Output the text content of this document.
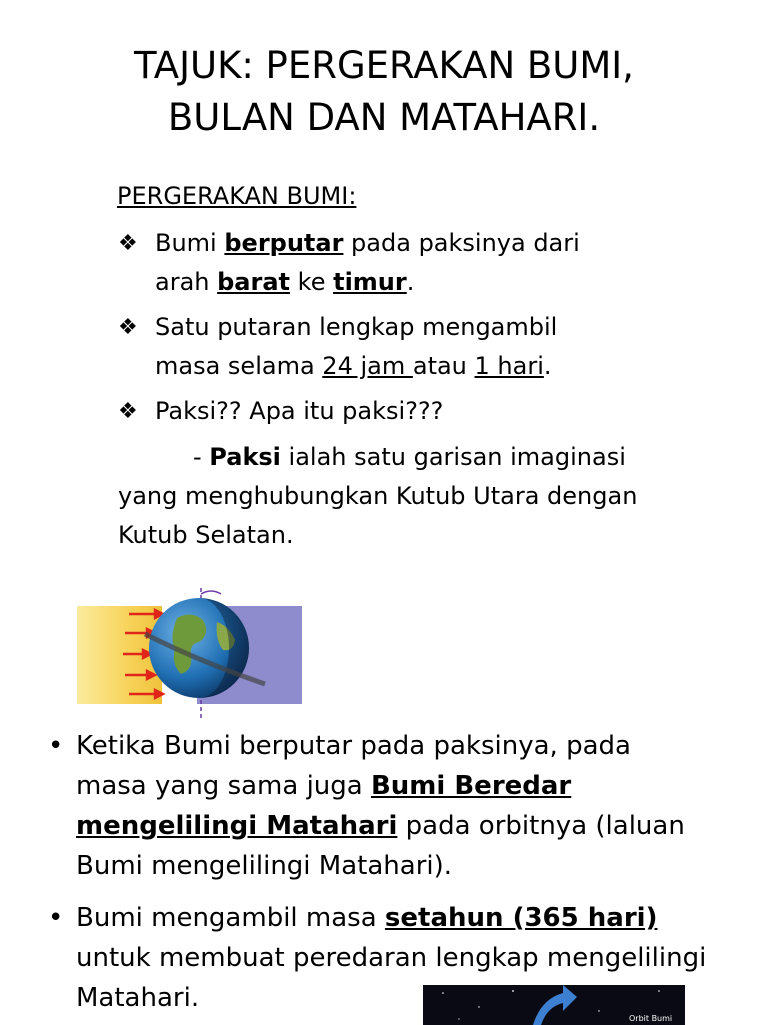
TAJUK: PERGERAKAN BUMI,
BULAN DAN MATAHARI.
PERGERAKAN BUMI:
❖ Bumi berputar pada paksinya dari arah barat ke timur.
❖ Satu putaran lengkap mengambil masa selama 24 jam atau 1 hari.
❖ Paksi?? Apa itu paksi???
- Paksi ialah satu garisan imaginasi yang menghubungkan Kutub Utara dengan Kutub Selatan.
• Ketika Bumi berputar pada paksinya, pada masa yang sama juga Bumi Beredar mengelilingi Matahari pada orbitnya (laluan Bumi mengelilingi Matahari).
• Bumi mengambil masa setahun (365 hari) untuk membuat peredaran lengkap mengelilingi Matahari.
Orbit Bumi
